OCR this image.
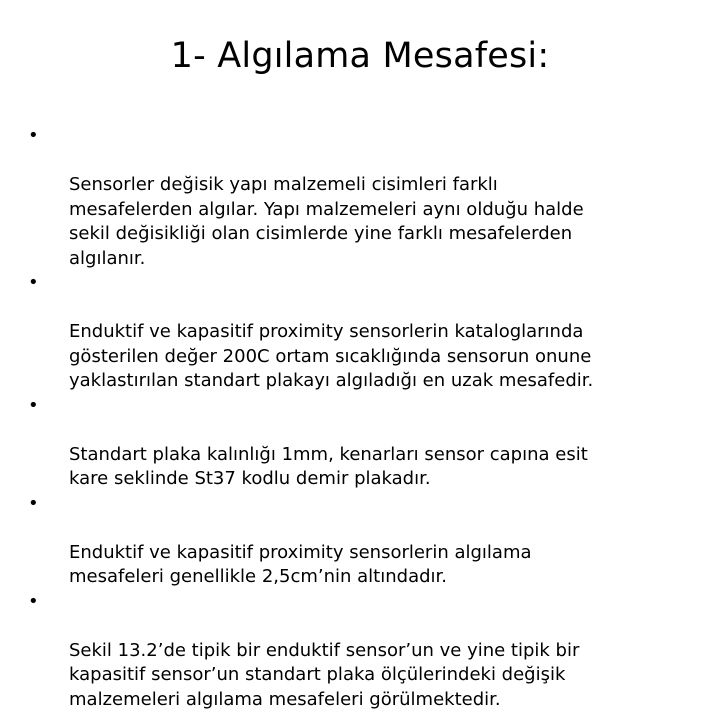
1- Algılama Mesafesi:

•

Sensorler değisik yapı malzemeli cisimleri farklı
mesafelerden algılar. Yapı malzemeleri aynı olduğu halde
sekil değisikliği olan cisimlerde yine farklı mesafelerden
algılanır.

•

Enduktif ve kapasitif proximity sensorlerin kataloglarında
gösterilen değer 200C ortam sıcaklığında sensorun onune
yaklastırılan standart plakayı algıladığı en uzak mesafedir.

•

Standart plaka kalınlığı 1mm, kenarları sensor capına esit
kare seklinde St37 kodlu demir plakadır.

•

Enduktif ve kapasitif proximity sensorlerin algılama
mesafeleri genellikle 2,5cm’nin altındadır.

•

Sekil 13.2’de tipik bir enduktif sensor’un ve yine tipik bir
kapasitif sensor’un standart plaka ölçülerindeki değişik
malzemeleri algılama mesafeleri görülmektedir.
